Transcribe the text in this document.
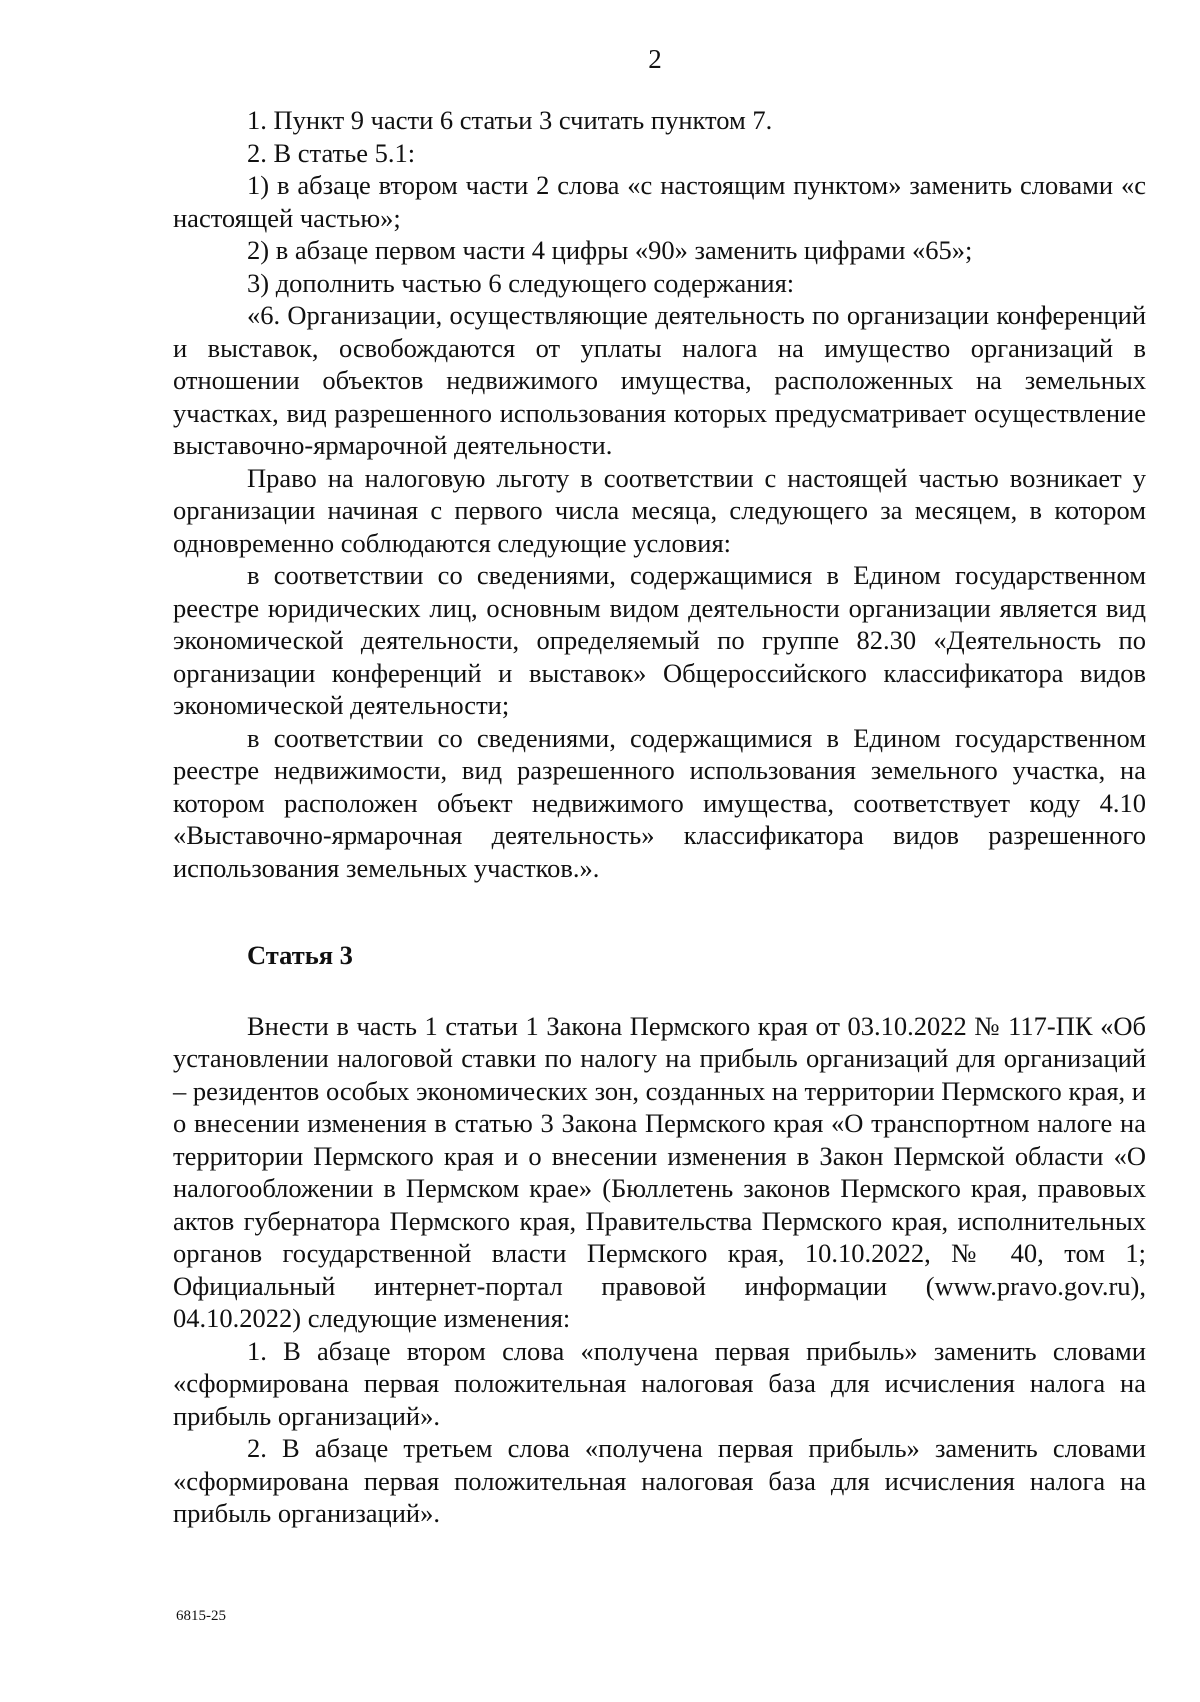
2

1. Пункт 9 части 6 статьи 3 считать пунктом 7.

2. В статье 5.1:

1) в абзаце втором части 2 слова «с настоящим пунктом» заменить словами «с настоящей частью»;

2) в абзаце первом части 4 цифры «90» заменить цифрами «65»;

3) дополнить частью 6 следующего содержания:

«6. Организации, осуществляющие деятельность по организации конференций и выставок, освобождаются от уплаты налога на имущество организаций в отношении объектов недвижимого имущества, расположенных на земельных участках, вид разрешенного использования которых предусматривает осуществление выставочно-ярмарочной деятельности.

Право на налоговую льготу в соответствии с настоящей частью возникает у организации начиная с первого числа месяца, следующего за месяцем, в котором одновременно соблюдаются следующие условия:

в соответствии со сведениями, содержащимися в Едином государственном реестре юридических лиц, основным видом деятельности организации является вид экономической деятельности, определяемый по группе 82.30 «Деятельность по организации конференций и выставок» Общероссийского классификатора видов экономической деятельности;

в соответствии со сведениями, содержащимися в Едином государственном реестре недвижимости, вид разрешенного использования земельного участка, на котором расположен объект недвижимого имущества, соответствует коду 4.10 «Выставочно-ярмарочная деятельность» классификатора видов разрешенного использования земельных участков.».

Статья 3

Внести в часть 1 статьи 1 Закона Пермского края от 03.10.2022 № 117-ПК «Об установлении налоговой ставки по налогу на прибыль организаций для организаций – резидентов особых экономических зон, созданных на территории Пермского края, и о внесении изменения в статью 3 Закона Пермского края «О транспортном налоге на территории Пермского края и о внесении изменения в Закон Пермской области «О налогообложении в Пермском крае» (Бюллетень законов Пермского края, правовых актов губернатора Пермского края, Правительства Пермского края, исполнительных органов государственной власти Пермского края, 10.10.2022, № 40, том 1; Официальный интернет-портал правовой информации (www.pravo.gov.ru), 04.10.2022) следующие изменения:

1. В абзаце втором слова «получена первая прибыль» заменить словами «сформирована первая положительная налоговая база для исчисления налога на прибыль организаций».

2. В абзаце третьем слова «получена первая прибыль» заменить словами «сформирована первая положительная налоговая база для исчисления налога на прибыль организаций».

6815-25
